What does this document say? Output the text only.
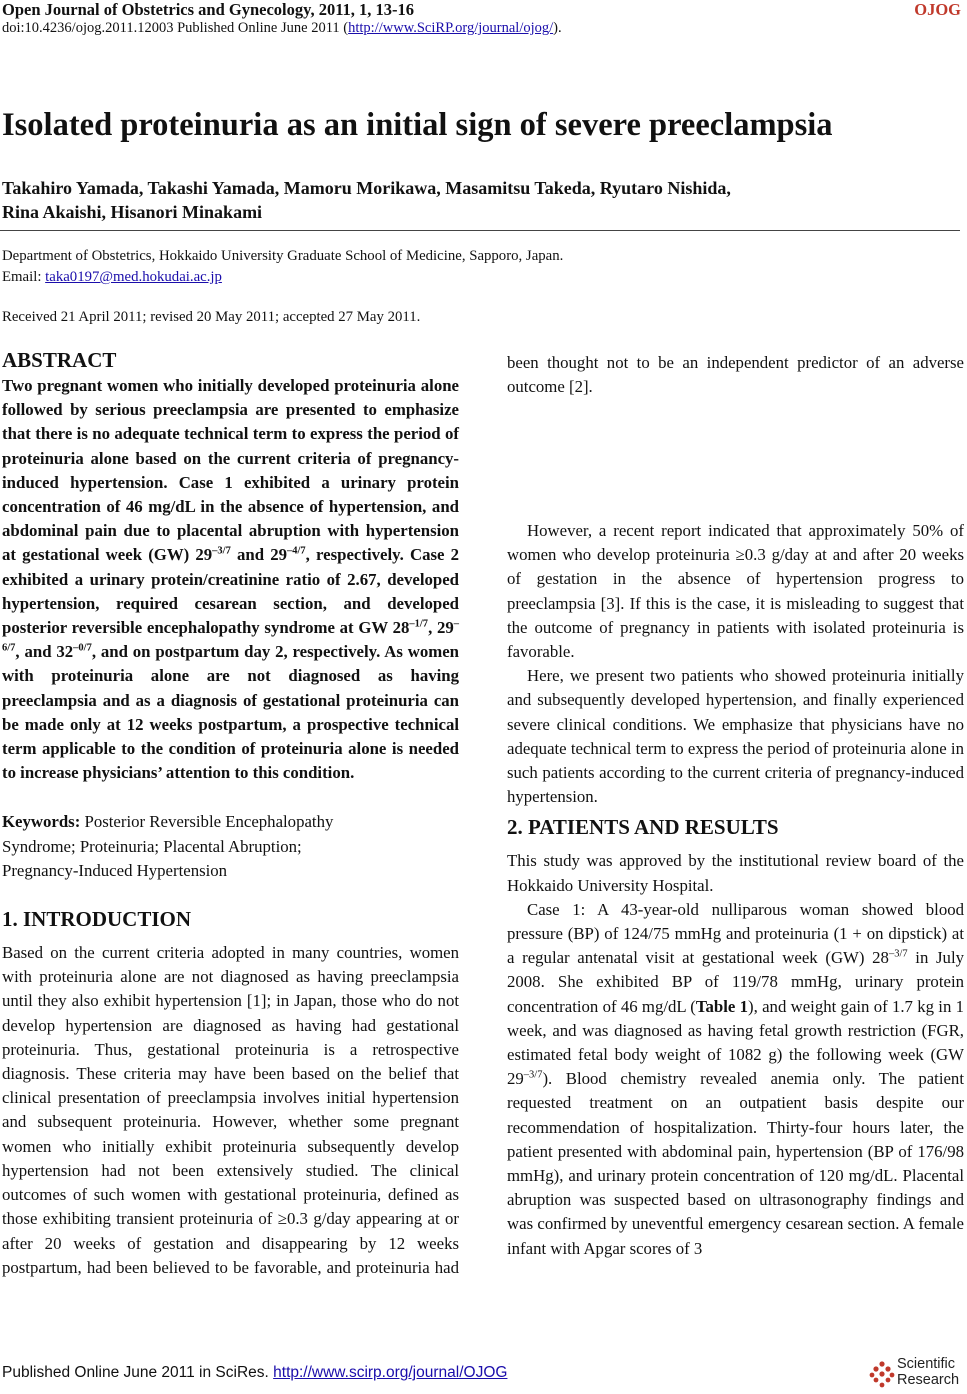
Open Journal of Obstetrics and Gynecology, 2011, 1, 13-16	OJOG
doi:10.4236/ojog.2011.12003 Published Online June 2011 (http://www.SciRP.org/journal/ojog/).
Isolated proteinuria as an initial sign of severe preeclampsia
Takahiro Yamada, Takashi Yamada, Mamoru Morikawa, Masamitsu Takeda, Ryutaro Nishida,
Rina Akaishi, Hisanori Minakami
Department of Obstetrics, Hokkaido University Graduate School of Medicine, Sapporo, Japan.
Email: taka0197@med.hokudai.ac.jp
Received 21 April 2011; revised 20 May 2011; accepted 27 May 2011.
ABSTRACT

Two pregnant women who initially developed proteinuria alone followed by serious preeclampsia are presented to emphasize that there is no adequate technical term to express the period of proteinuria alone based on the current criteria of pregnancy-induced hypertension. Case 1 exhibited a urinary protein concentration of 46 mg/dL in the absence of hypertension, and abdominal pain due to placental abruption with hypertension at gestational week (GW) $29^{-3/7}$ and $29^{-4/7}$, respectively. Case 2 exhibited a urinary protein/creatinine ratio of 2.67, developed hypertension, required cesarean section, and developed posterior reversible encephalopathy syndrome at GW $28^{-1/7}$, $29^{-6/7}$, and $32^{-0/7}$, and on postpartum day 2, respectively. As women with proteinuria alone are not diagnosed as having preeclampsia and as a diagnosis of gestational proteinuria can be made only at 12 weeks postpartum, a prospective technical term applicable to the condition of proteinuria alone is needed to increase physicians’ attention to this condition.

Keywords: Posterior Reversible Encephalopathy
Syndrome; Proteinuria; Placental Abruption;
Pregnancy-Induced Hypertension
1. INTRODUCTION

Based on the current criteria adopted in many countries, women with proteinuria alone are not diagnosed as having preeclampsia until they also exhibit hypertension [1]; in Japan, those who do not develop hypertension are diagnosed as having had gestational proteinuria. Thus, gestational proteinuria is a retrospective diagnosis. These criteria may have been based on the belief that clinical presentation of preeclampsia involves initial hypertension and subsequent proteinuria. However, whether some pregnant women who initially exhibit proteinuria subsequently develop hypertension had not been extensively studied. The clinical outcomes of such women with gestational proteinuria, defined as those exhibiting transient proteinuria of ≥0.3 g/day appearing at or after 20 weeks of gestation and disappearing by 12 weeks postpartum, had been believed to be favorable, and proteinuria had

been thought not to be an independent predictor of an adverse outcome [2].

However, a recent report indicated that approximately 50% of women who develop proteinuria ≥0.3 g/day at and after 20 weeks of gestation in the absence of hypertension progress to preeclampsia [3]. If this is the case, it is misleading to suggest that the outcome of pregnancy in patients with isolated proteinuria is favorable.

Here, we present two patients who showed proteinuria initially and subsequently developed hypertension, and finally experienced severe clinical conditions. We emphasize that physicians have no adequate technical term to express the period of proteinuria alone in such patients according to the current criteria of pregnancy-induced hypertension.

2. PATIENTS AND RESULTS

This study was approved by the institutional review board of the Hokkaido University Hospital.

Case 1: A 43-year-old nulliparous woman showed blood pressure (BP) of 124/75 mmHg and proteinuria (1 + on dipstick) at a regular antenatal visit at gestational week (GW) $28^{-3/7}$ in July 2008. She exhibited BP of 119/78 mmHg, urinary protein concentration of 46 mg/dL (Table 1), and weight gain of 1.7 kg in 1 week, and was diagnosed as having fetal growth restriction (FGR, estimated fetal body weight of 1082 g) the following week (GW $29^{-3/7}$). Blood chemistry revealed anemia only. The patient requested treatment on an outpatient basis despite our recommendation of hospitalization. Thirty-four hours later, the patient presented with abdominal pain, hypertension (BP of 176/98 mmHg), and urinary protein concentration of 120 mg/dL. Placental abruption was suspected based on ultrasonography findings and was confirmed by uneventful emergency cesarean section. A female infant with Apgar scores of 3

Published Online June 2011 in SciRes. http://www.scirp.org/journal/OJOG	Scientific
Research
